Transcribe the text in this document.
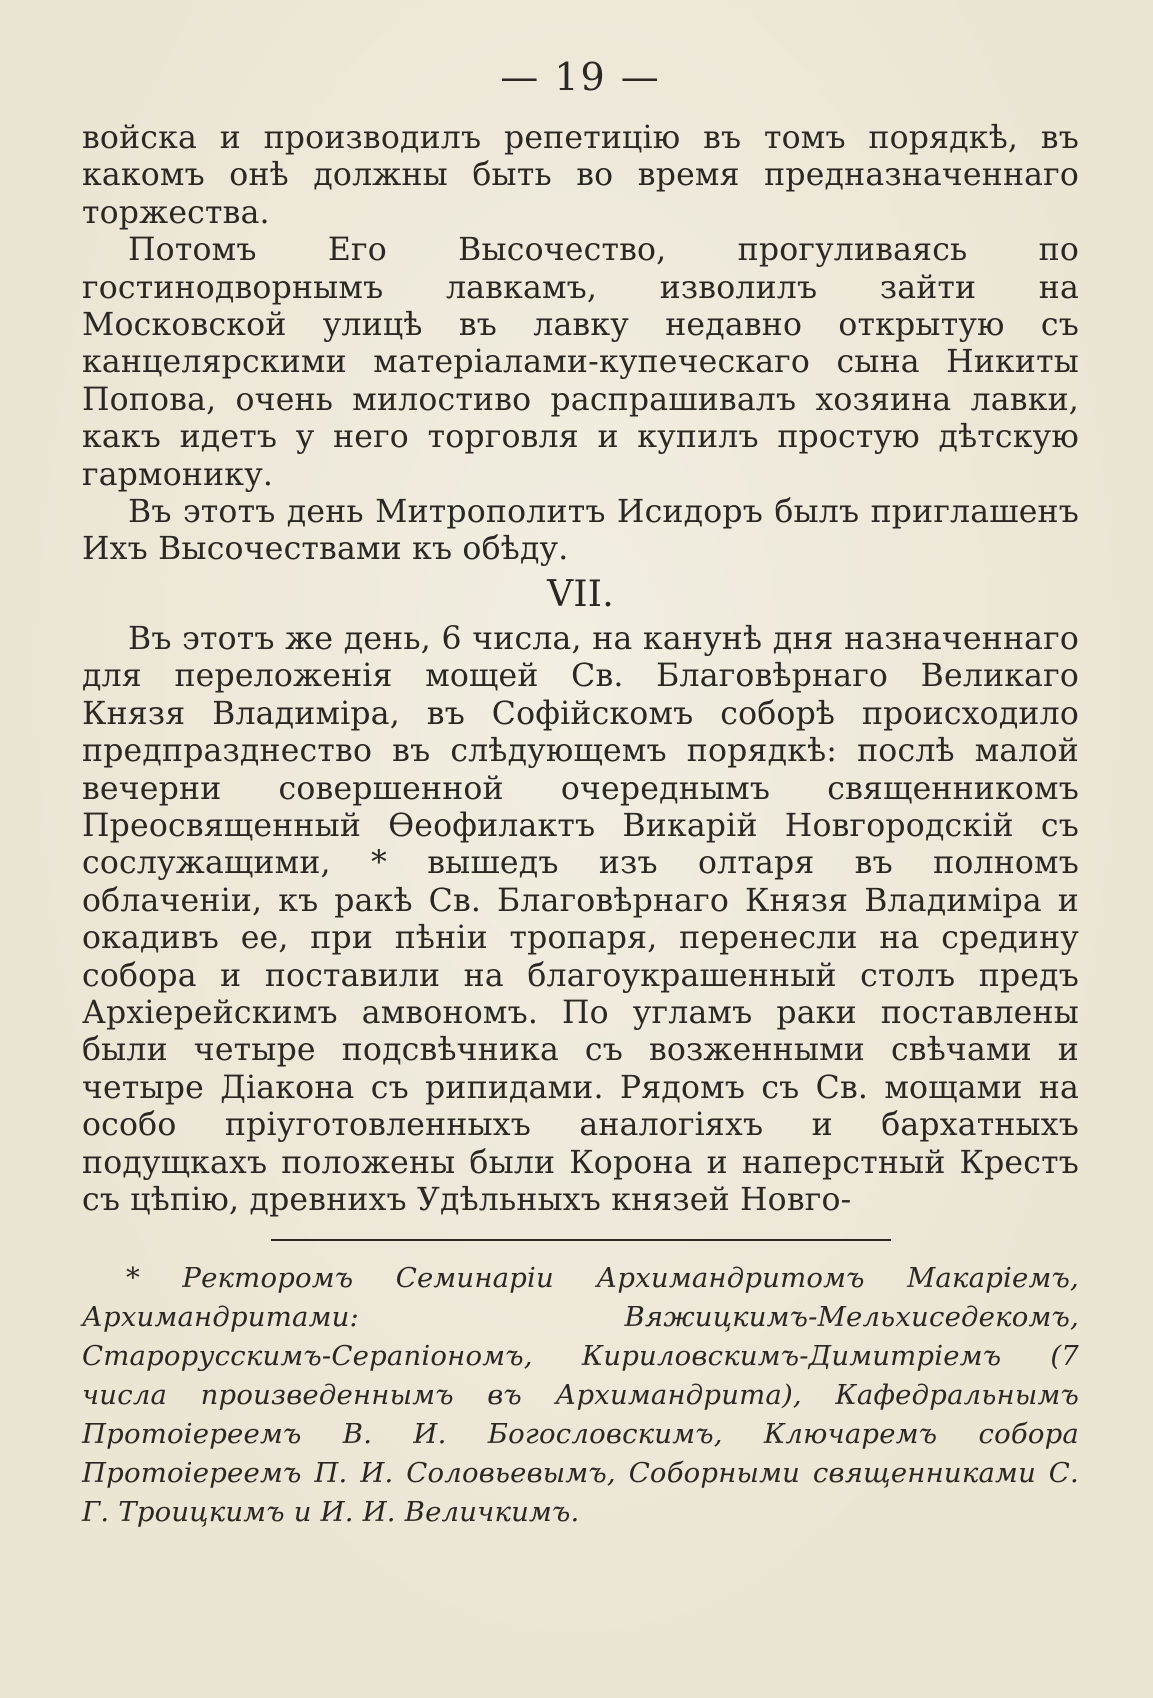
— 19 —

войска и производилъ репетицію въ томъ порядкѣ, въ какомъ онѣ должны быть во время предназначеннаго торжества.

Потомъ Его Высочество, прогуливаясь по гостинодворнымъ лавкамъ, изволилъ зайти на Московской улицѣ въ лавку недавно открытую съ канцелярскими матеріалами-купеческаго сына Никиты Попова, очень милостиво распрашивалъ хозяина лавки, какъ идетъ у него торговля и купилъ простую дѣтскую гармонику.

Въ этотъ день Митрополитъ Исидоръ былъ приглашенъ Ихъ Высочествами къ обѣду.

VII.

Въ этотъ же день, 6 числа, на канунѣ дня назначеннаго для переложенія мощей Св. Благовѣрнаго Великаго Князя Владиміра, въ Софійскомъ соборѣ происходило предпразднество въ слѣдующемъ порядкѣ: послѣ малой вечерни совершенной очереднымъ священникомъ Преосвященный Ѳеофилактъ Викарій Новгородскій съ сослужащими, * вышедъ изъ олтаря въ полномъ облаченіи, къ ракѣ Св. Благовѣрнаго Князя Владиміра и окадивъ ее, при пѣніи тропаря, перенесли на средину собора и поставили на благоукрашенный столъ предъ Архіерейскимъ амвономъ. По угламъ раки поставлены были четыре подсвѣчника съ возженными свѣчами и четыре Діакона съ рипидами. Рядомъ съ Св. мощами на особо пріуготовленныхъ аналогіяхъ и бархатныхъ подущкахъ положены были Корона и наперстный Крестъ съ цѣпію, древнихъ Удѣльныхъ князей Новго-

* Ректоромъ Семинаріи Архимандритомъ Макаріемъ, Архимандритами: Вяжицкимъ-Мельхиседекомъ, Старорусскимъ-Серапіономъ, Кириловскимъ-Димитріемъ (7 числа произведеннымъ въ Архимандрита), Кафедральнымъ Протоіереемъ В. И. Богословскимъ, Ключаремъ собора Протоіереемъ П. И. Соловьевымъ, Соборными священниками С. Г. Троицкимъ и И. И. Величкимъ.
